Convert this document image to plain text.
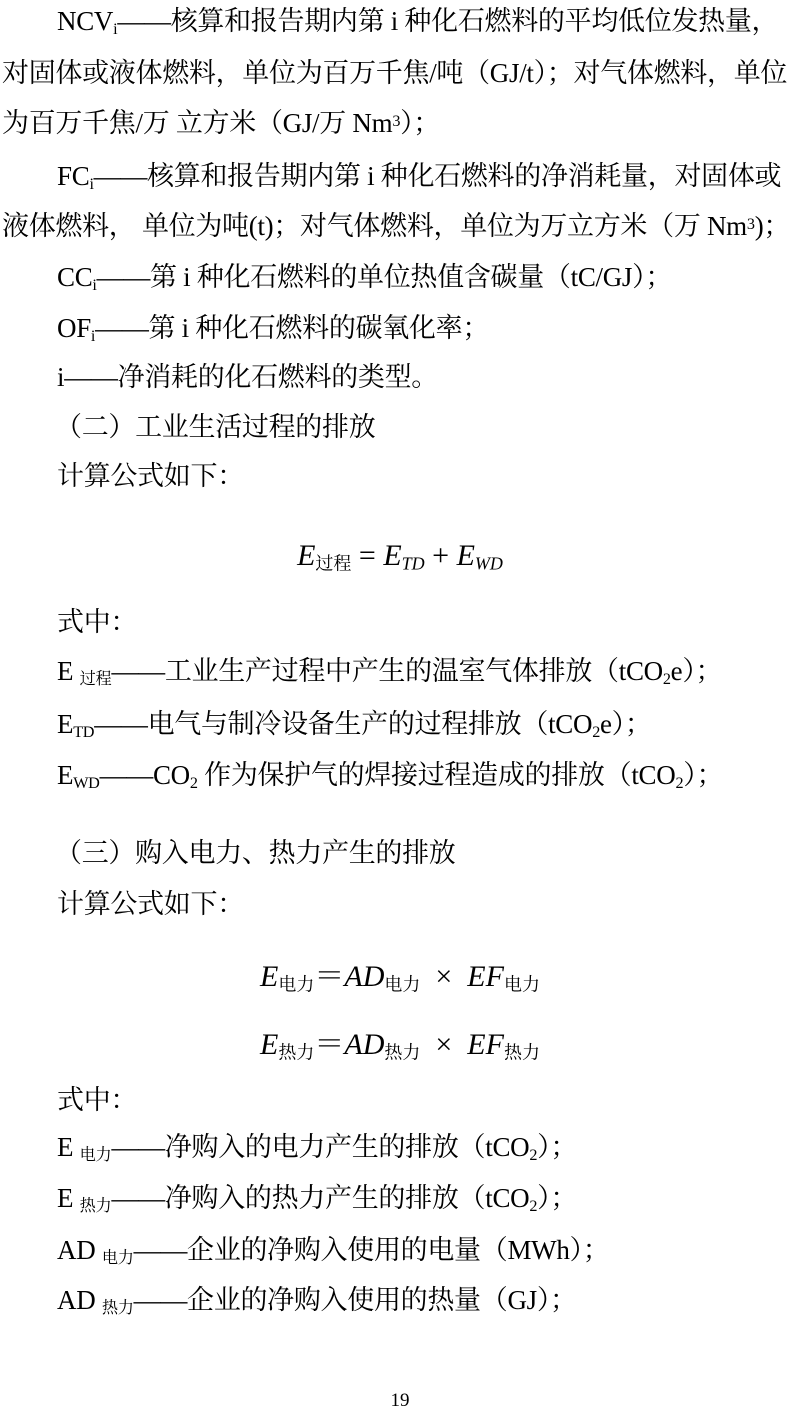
NCVi——核算和报告期内第 i 种化石燃料的平均低位发热量，
对固体或液体燃料，单位为百万千焦/吨（GJ/t）；对气体燃料，单位
为百万千焦/万 立方米（GJ/万 Nm$^3$）；
FCi——核算和报告期内第 i 种化石燃料的净消耗量，对固体或
液体燃料， 单位为吨(t)；对气体燃料，单位为万立方米（万 Nm$^3$)；
CCi——第 i 种化石燃料的单位热值含碳量（tC/GJ）；
OFi——第 i 种化石燃料的碳氧化率；
i——净消耗的化石燃料的类型。
（二）工业生活过程的排放
计算公式如下：
E过程 = ETD + EWD
式中：
E 过程——工业生产过程中产生的温室气体排放（tCO2e）；
ETD——电气与制冷设备生产的过程排放（tCO2e）；
EWD——CO2 作为保护气的焊接过程造成的排放（tCO2）；
（三）购入电力、热力产生的排放
计算公式如下：
E电力＝AD电力  ×  EF电力
E热力＝AD热力  ×  EF热力
式中：
E 电力——净购入的电力产生的排放（tCO2）；
E 热力——净购入的热力产生的排放（tCO2）；
AD 电力——企业的净购入使用的电量（MWh）；
AD 热力——企业的净购入使用的热量（GJ）；
19
